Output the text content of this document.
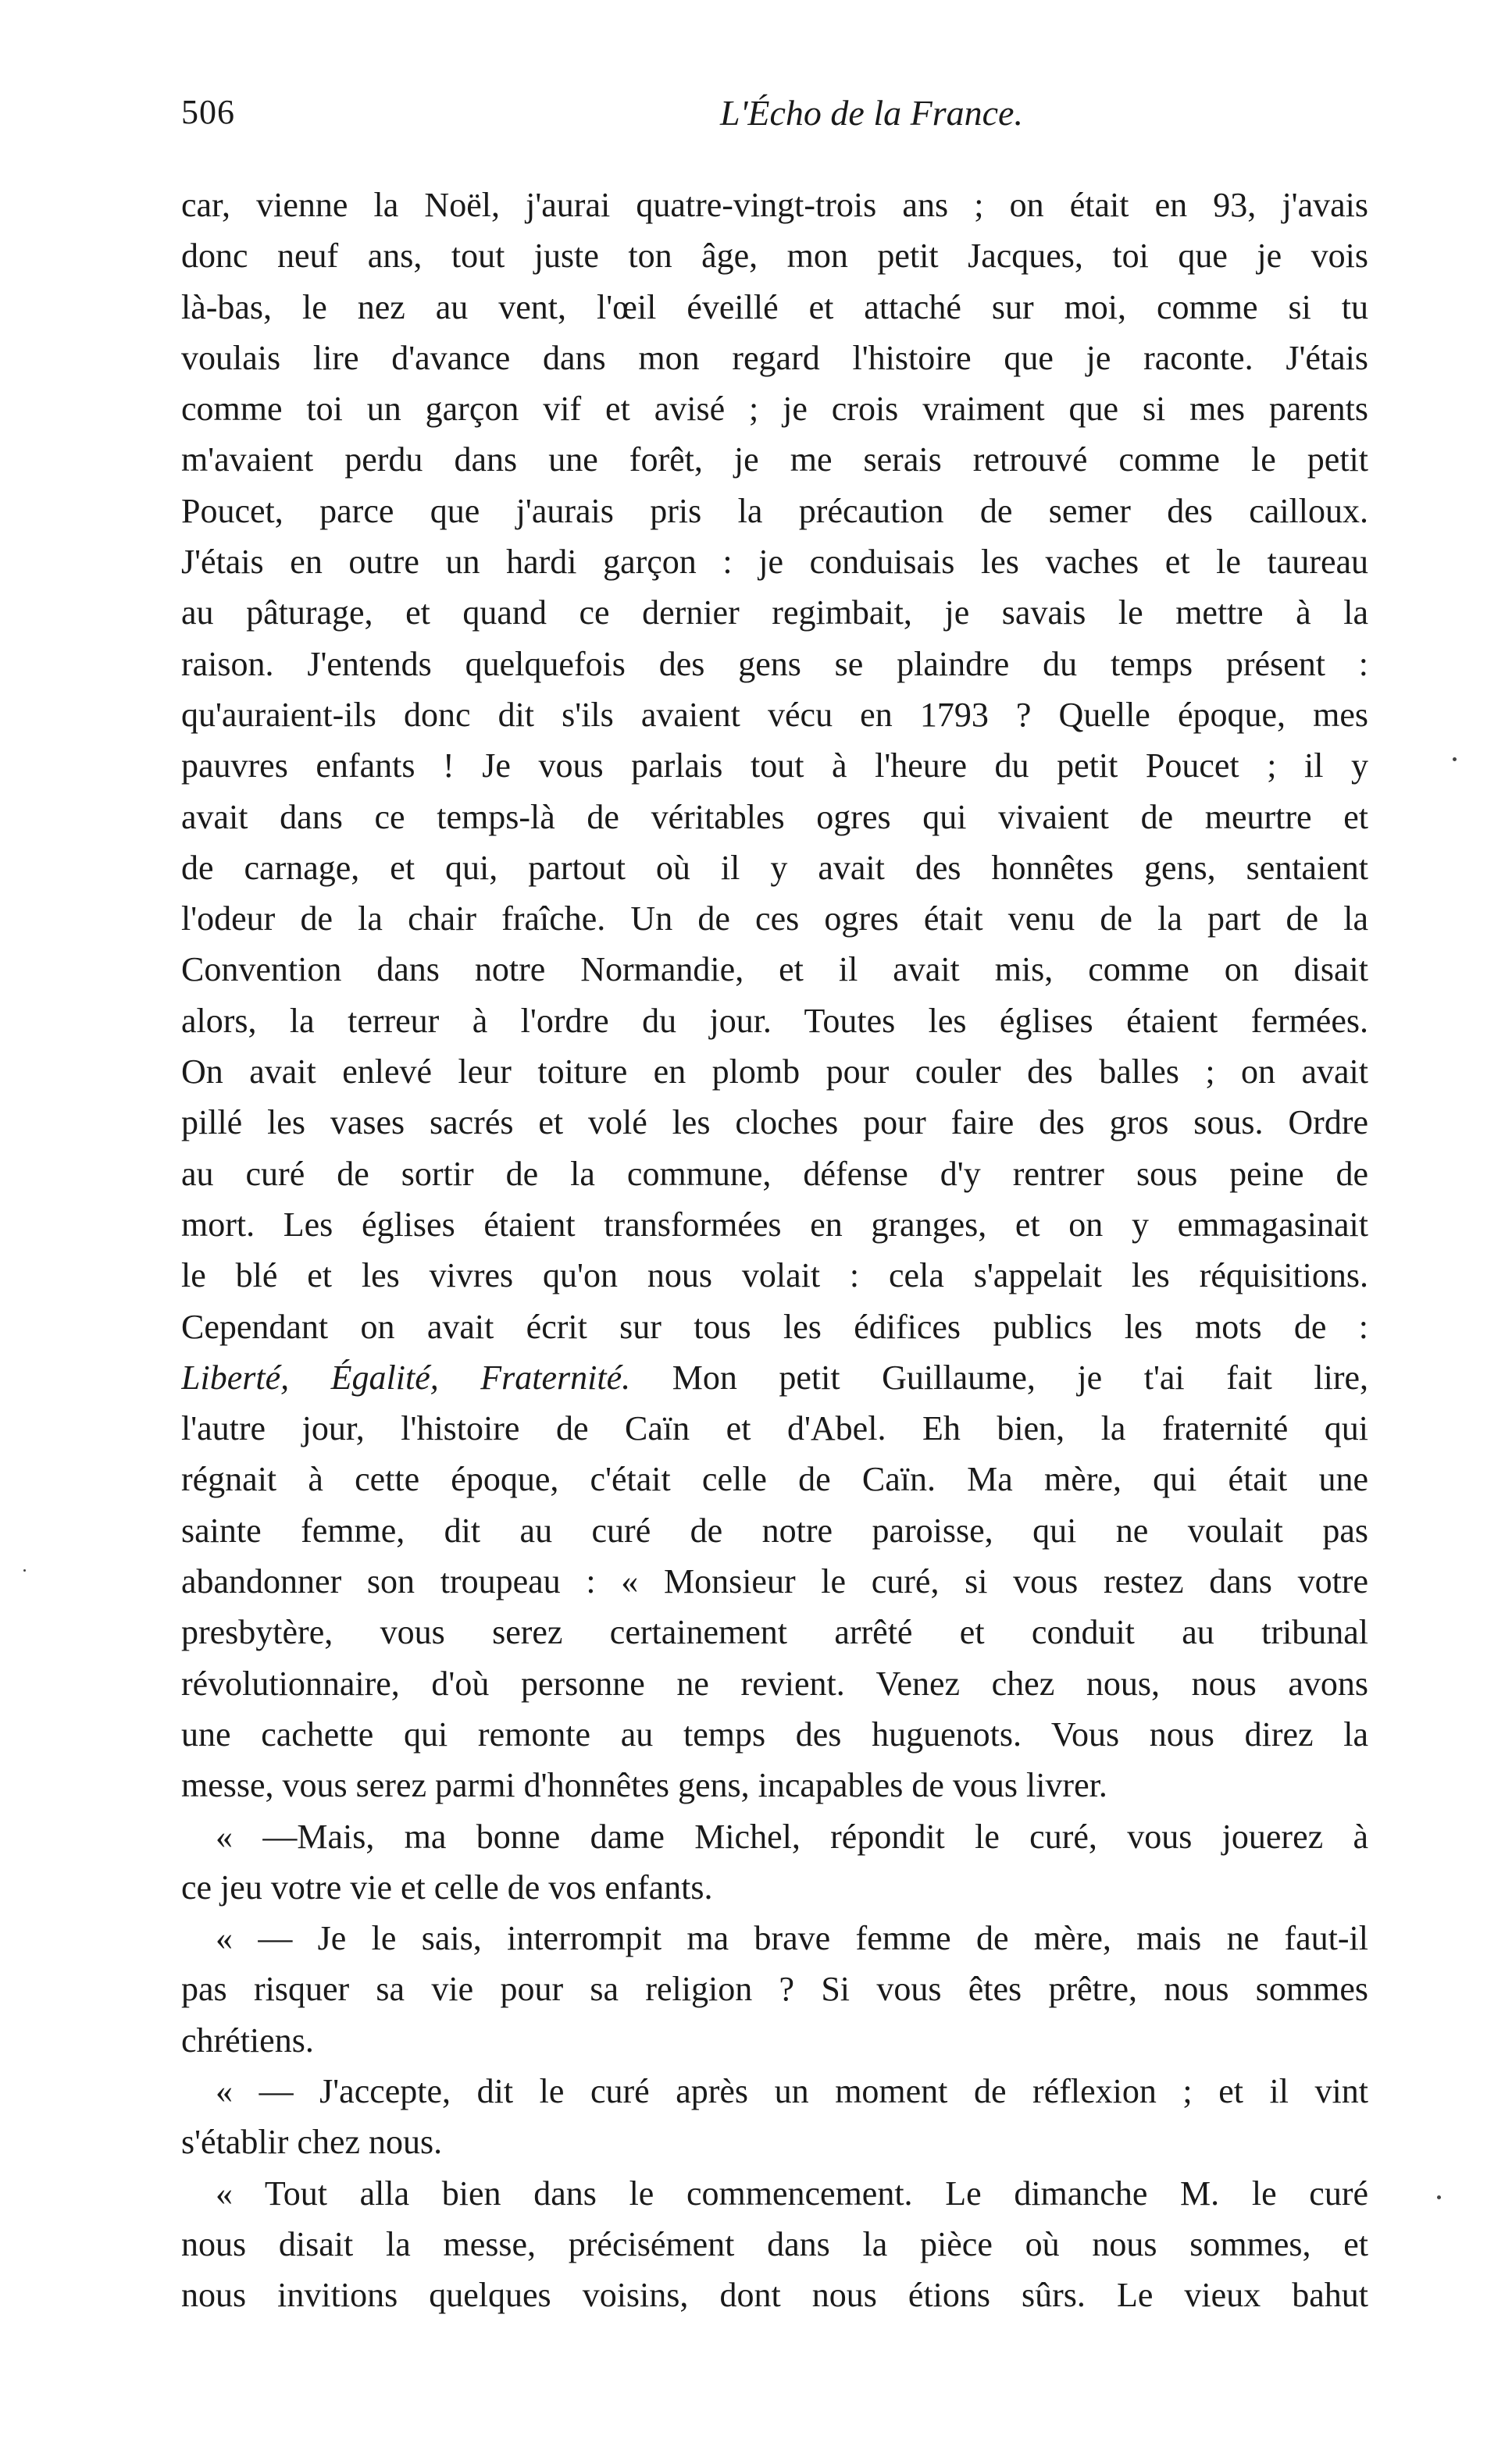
506	L'Écho de la France.
car, vienne la Noël, j'aurai quatre-vingt-trois ans ; on était en 93, j'avais
donc neuf ans, tout juste ton âge, mon petit Jacques, toi que je vois
là-bas, le nez au vent, l'œil éveillé et attaché sur moi, comme si tu
voulais lire d'avance dans mon regard l'histoire que je raconte. J'étais
comme toi un garçon vif et avisé ; je crois vraiment que si mes parents
m'avaient perdu dans une forêt, je me serais retrouvé comme le petit
Poucet, parce que j'aurais pris la précaution de semer des cailloux.
J'étais en outre un hardi garçon : je conduisais les vaches et le taureau
au pâturage, et quand ce dernier regimbait, je savais le mettre à la
raison. J'entends quelquefois des gens se plaindre du temps présent :
qu'auraient-ils donc dit s'ils avaient vécu en 1793 ? Quelle époque, mes
pauvres enfants ! Je vous parlais tout à l'heure du petit Poucet ; il y
avait dans ce temps-là de véritables ogres qui vivaient de meurtre et
de carnage, et qui, partout où il y avait des honnêtes gens, sentaient
l'odeur de la chair fraîche. Un de ces ogres était venu de la part de la
Convention dans notre Normandie, et il avait mis, comme on disait
alors, la terreur à l'ordre du jour. Toutes les églises étaient fermées.
On avait enlevé leur toiture en plomb pour couler des balles ; on avait
pillé les vases sacrés et volé les cloches pour faire des gros sous. Ordre
au curé de sortir de la commune, défense d'y rentrer sous peine de
mort. Les églises étaient transformées en granges, et on y emmagasinait
le blé et les vivres qu'on nous volait : cela s'appelait les réquisitions.
Cependant on avait écrit sur tous les édifices publics les mots de :
Liberté, Égalité, Fraternité. Mon petit Guillaume, je t'ai fait lire,
l'autre jour, l'histoire de Caïn et d'Abel. Eh bien, la fraternité qui
régnait à cette époque, c'était celle de Caïn. Ma mère, qui était une
sainte femme, dit au curé de notre paroisse, qui ne voulait pas
abandonner son troupeau : « Monsieur le curé, si vous restez dans votre
presbytère, vous serez certainement arrêté et conduit au tribunal
révolutionnaire, d'où personne ne revient. Venez chez nous, nous avons
une cachette qui remonte au temps des huguenots. Vous nous direz la
messe, vous serez parmi d'honnêtes gens, incapables de vous livrer.
« —Mais, ma bonne dame Michel, répondit le curé, vous jouerez à
ce jeu votre vie et celle de vos enfants.
« — Je le sais, interrompit ma brave femme de mère, mais ne faut-il
pas risquer sa vie pour sa religion ? Si vous êtes prêtre, nous sommes
chrétiens.
« — J'accepte, dit le curé après un moment de réflexion ; et il vint
s'établir chez nous.
« Tout alla bien dans le commencement. Le dimanche M. le curé
nous disait la messe, précisément dans la pièce où nous sommes, et
nous invitions quelques voisins, dont nous étions sûrs. Le vieux bahut
